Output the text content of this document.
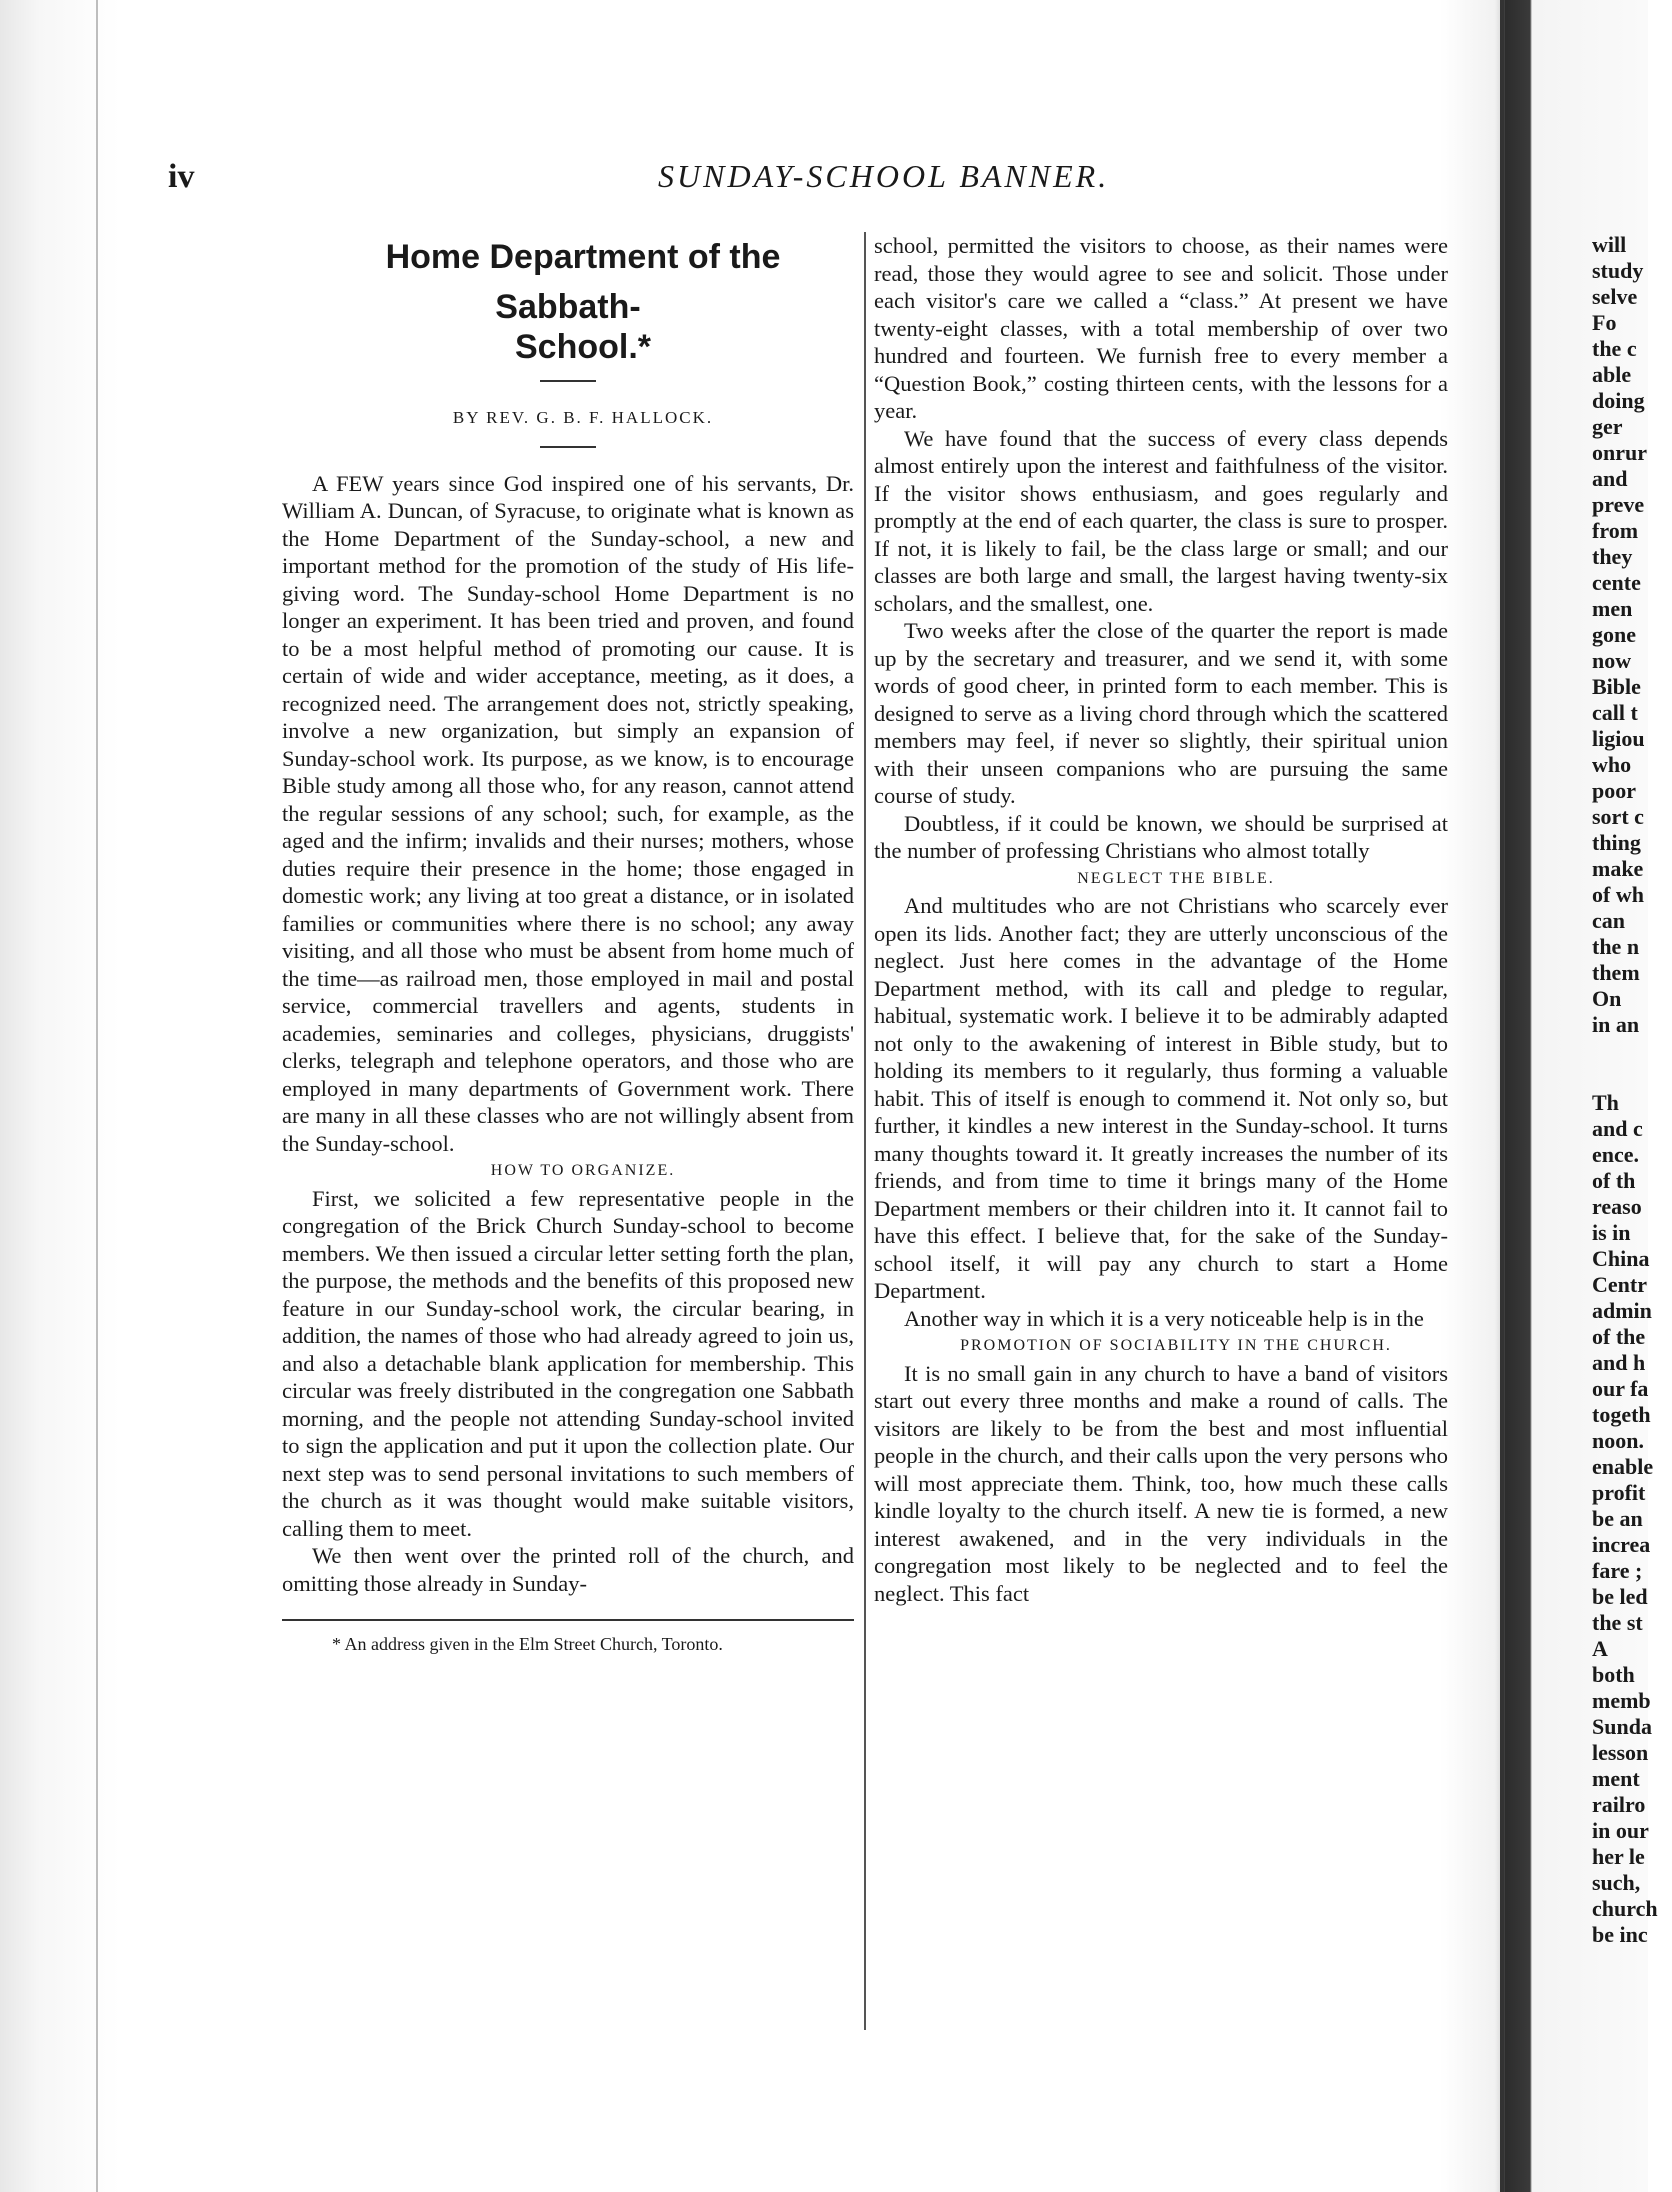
iv	SUNDAY-SCHOOL BANNER.

Home Department of the Sabbath-

School.*

BY REV. G. B. F. HALLOCK.

A FEW years since God inspired one of his servants, Dr. William A. Duncan, of Syracuse, to originate what is known as the Home Department of the Sunday-school, a new and important method for the promotion of the study of His life-giving word. The Sunday-school Home Department is no longer an experiment. It has been tried and proven, and found to be a most helpful method of promoting our cause. It is certain of wide and wider acceptance, meeting, as it does, a recognized need. The arrangement does not, strictly speaking, involve a new organization, but simply an expansion of Sunday-school work. Its purpose, as we know, is to encourage Bible study among all those who, for any reason, cannot attend the regular sessions of any school; such, for example, as the aged and the infirm; invalids and their nurses; mothers, whose duties require their presence in the home; those engaged in domestic work; any living at too great a distance, or in isolated families or communities where there is no school; any away visiting, and all those who must be absent from home much of the time—as railroad men, those employed in mail and postal service, commercial travellers and agents, students in academies, seminaries and colleges, physicians, druggists' clerks, telegraph and telephone operators, and those who are employed in many departments of Government work. There are many in all these classes who are not willingly absent from the Sunday-school.

HOW TO ORGANIZE.

First, we solicited a few representative people in the congregation of the Brick Church Sunday-school to become members. We then issued a circular letter setting forth the plan, the purpose, the methods and the benefits of this proposed new feature in our Sunday-school work, the circular bearing, in addition, the names of those who had already agreed to join us, and also a detachable blank application for membership. This circular was freely distributed in the congregation one Sabbath morning, and the people not attending Sunday-school invited to sign the application and put it upon the collection plate. Our next step was to send personal invitations to such members of the church as it was thought would make suitable visitors, calling them to meet.

We then went over the printed roll of the church, and omitting those already in Sunday-

* An address given in the Elm Street Church, Toronto.

school, permitted the visitors to choose, as their names were read, those they would agree to see and solicit. Those under each visitor's care we called a “class.” At present we have twenty-eight classes, with a total membership of over two hundred and fourteen. We furnish free to every member a “Question Book,” costing thirteen cents, with the lessons for a year.

We have found that the success of every class depends almost entirely upon the interest and faithfulness of the visitor. If the visitor shows enthusiasm, and goes regularly and promptly at the end of each quarter, the class is sure to prosper. If not, it is likely to fail, be the class large or small; and our classes are both large and small, the largest having twenty-six scholars, and the smallest, one.

Two weeks after the close of the quarter the report is made up by the secretary and treasurer, and we send it, with some words of good cheer, in printed form to each member. This is designed to serve as a living chord through which the scattered members may feel, if never so slightly, their spiritual union with their unseen companions who are pursuing the same course of study.

Doubtless, if it could be known, we should be surprised at the number of professing Christians who almost totally

NEGLECT THE BIBLE.

And multitudes who are not Christians who scarcely ever open its lids. Another fact; they are utterly unconscious of the neglect. Just here comes in the advantage of the Home Department method, with its call and pledge to regular, habitual, systematic work. I believe it to be admirably adapted not only to the awakening of interest in Bible study, but to holding its members to it regularly, thus forming a valuable habit. This of itself is enough to commend it. Not only so, but further, it kindles a new interest in the Sunday-school. It turns many thoughts toward it. It greatly increases the number of its friends, and from time to time it brings many of the Home Department members or their children into it. It cannot fail to have this effect. I believe that, for the sake of the Sunday-school itself, it will pay any church to start a Home Department.

Another way in which it is a very noticeable help is in the

PROMOTION OF SOCIABILITY IN THE CHURCH.

It is no small gain in any church to have a band of visitors start out every three months and make a round of calls. The visitors are likely to be from the best and most influential people in the church, and their calls upon the very persons who will most appreciate them. Think, too, how much these calls kindle loyalty to the church itself. A new tie is formed, a new interest awakened, and in the very individuals in the congregation most likely to be neglected and to feel the neglect. This fact

will
study
selve
Fo
the c
able
doing
ger
onrur
and
preve
from
they
cente
men
gone
now
Bible
call t
ligiou
who
poor
sort c
thing
make
of wh
can
the n
them
On
in an
Th
and c
ence.
of th
reaso
is in
China
Centr
admin
of the
and h
our fa
togeth
noon.
enable
profit
be an
increa
fare ;
be led
the st
A
both
memb
Sunda
lesson
ment
railro
in our
her le
such,
church
be inc
